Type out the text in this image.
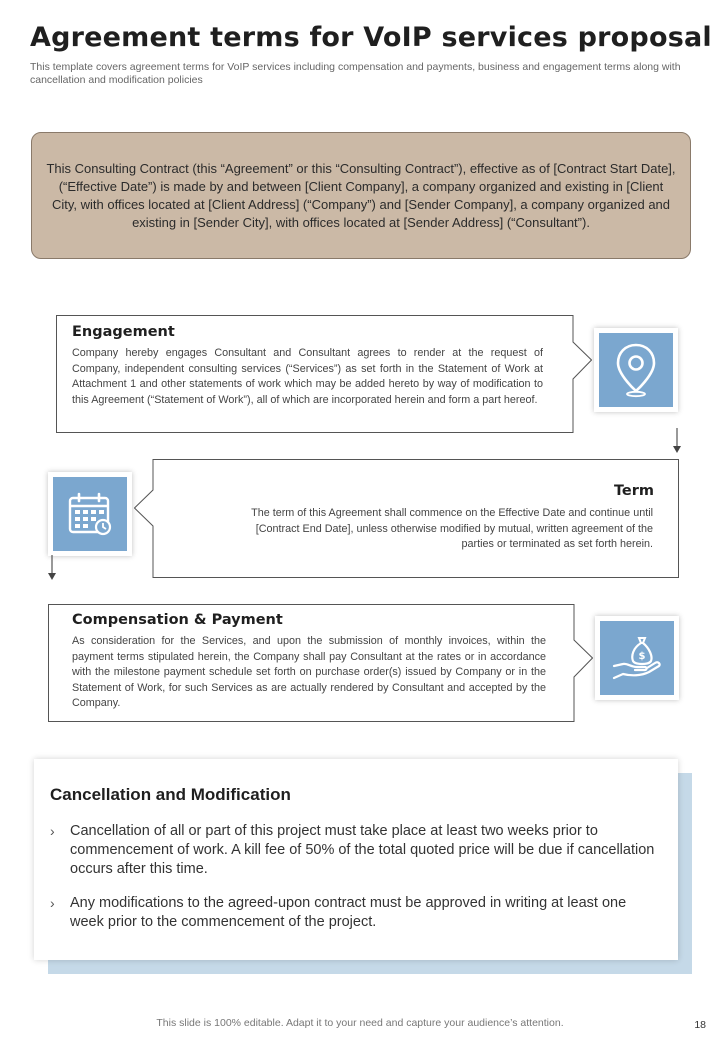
Agreement terms for VoIP services proposal
This template covers agreement terms for VoIP services including compensation and payments, business and engagement terms along with cancellation and modification policies

This Consulting Contract (this “Agreement” or this “Consulting Contract”), effective as of [Contract Start Date], (“Effective Date”) is made by and between [Client Company], a company organized and existing in [Client City, with offices located at [Client Address] (“Company”) and [Sender Company], a company organized and existing in [Sender City], with offices located at [Sender Address] (“Consultant”).

Engagement
Company hereby engages Consultant and Consultant agrees to render at the request of Company, independent consulting services (“Services”) as set forth in the Statement of Work at Attachment 1 and other statements of work which may be added hereto by way of modification to this Agreement (“Statement of Work”), all of which are incorporated herein and form a part hereof.
Term
The term of this Agreement shall commence on the Effective Date and continue until [Contract End Date], unless otherwise modified by mutual, written agreement of the parties or terminated as set forth herein.
Compensation & Payment
As consideration for the Services, and upon the submission of monthly invoices, within the payment terms stipulated herein, the Company shall pay Consultant at the rates or in accordance with the milestone payment schedule set forth on purchase order(s) issued by Company or in the Statement of Work, for such Services as are actually rendered by Consultant and accepted by the Company.
$
Cancellation and Modification
›	Cancellation of all or part of this project must take place at least two weeks prior to commencement of work. A kill fee of 50% of the total quoted price will be due if cancellation occurs after this time.
›	Any modifications to the agreed-upon contract must be approved in writing at least one week prior to the commencement of the project.
This slide is 100% editable. Adapt it to your need and capture your audience’s attention.	18
